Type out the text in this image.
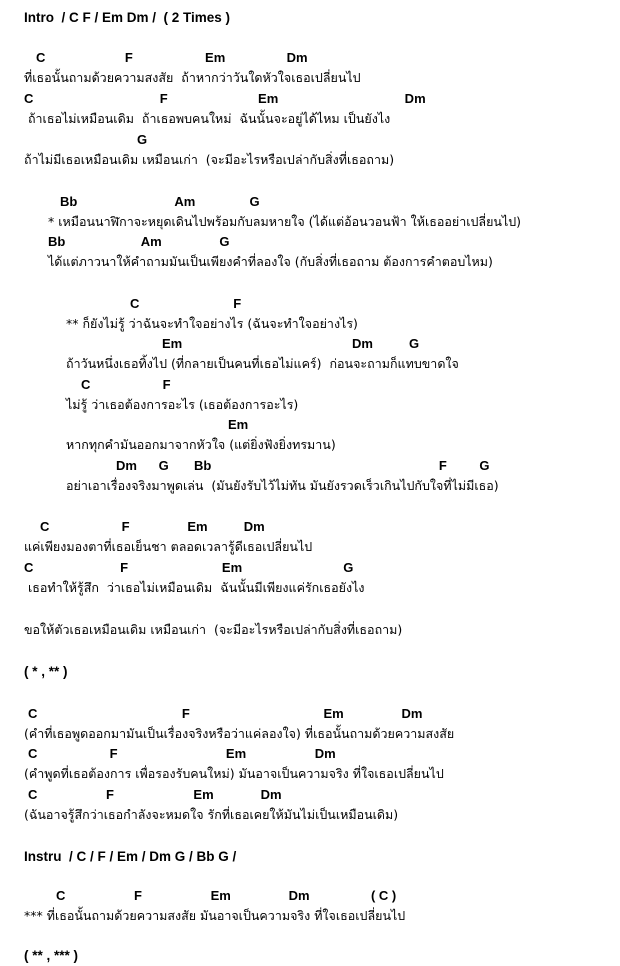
Intro  / C F / Em Dm /  ( 2 Times )

C                      F                    Em                 Dm

ที่เธอนั้นถามด้วยความสงสัย  ถ้าหากว่าวันใดหัวใจเธอเปลี่ยนไป

C                                   F                         Em                                   Dm

ถ้าเธอไม่เหมือนเดิม  ถ้าเธอพบคนใหม่  ฉันนั้นจะอยู่ได้ไหม เป็นยังไง

G

ถ้าไม่มีเธอเหมือนเดิม เหมือนเก่า  (จะมีอะไรหรือเปล่ากับสิ่งที่เธอถาม)

Bb                           Am               G

* เหมือนนาฬิกาจะหยุดเดินไปพร้อมกับลมหายใจ (ได้แต่อ้อนวอนฟ้า ให้เธออย่าเปลี่ยนไป)

Bb                     Am                G

ได้แต่ภาวนาให้คำถามมันเป็นเพียงคำที่ลองใจ (กับสิ่งที่เธอถาม ต้องการคำตอบไหม)

C                          F

** ก็ยังไม่รู้ ว่าฉันจะทำใจอย่างไร (ฉันจะทำใจอย่างไร)

Em                                               Dm          G

ถ้าวันหนึ่งเธอทิ้งไป (ที่กลายเป็นคนที่เธอไม่แคร์)  ก่อนจะถามก็แทบขาดใจ

C                    F

ไม่รู้ ว่าเธอต้องการอะไร (เธอต้องการอะไร)

Em

หากทุกคำมันออกมาจากหัวใจ (แต่ยิ่งฟังยิ่งทรมาน)

Dm      G       Bb                                                               F         G

อย่าเอาเรื่องจริงมาพูดเล่น  (มันยังรับไว้ไม่ทัน มันยังรวดเร็วเกินไปกับใจที่ไม่มีเธอ)

C                    F                Em          Dm

แค่เพียงมองตาที่เธอเย็นชา ตลอดเวลารู้ดีเธอเปลี่ยนไป

C                        F                          Em                            G

เธอทำให้รู้สึก  ว่าเธอไม่เหมือนเดิม  ฉันนั้นมีเพียงแค่รักเธอยังไง

ขอให้ตัวเธอเหมือนเดิม เหมือนเก่า  (จะมีอะไรหรือเปล่ากับสิ่งที่เธอถาม)

( * , ** )

C                                        F                                     Em                Dm

(คำที่เธอพูดออกมามันเป็นเรื่องจริงหรือว่าแค่ลองใจ) ที่เธอนั้นถามด้วยความสงสัย

C                    F                              Em                   Dm

(คำพูดที่เธอต้องการ เพื่อรองรับคนใหม่) มันอาจเป็นความจริง ที่ใจเธอเปลี่ยนไป

C                   F                      Em             Dm

(ฉันอาจรู้สึกว่าเธอกำลังจะหมดใจ รักที่เธอเคยให้มันไม่เป็นเหมือนเดิม)

Instru  / C / F / Em / Dm G / Bb G /

C                   F                   Em                Dm                 ( C )

*** ที่เธอนั้นถามด้วยความสงสัย มันอาจเป็นความจริง ที่ใจเธอเปลี่ยนไป

( ** , *** )
